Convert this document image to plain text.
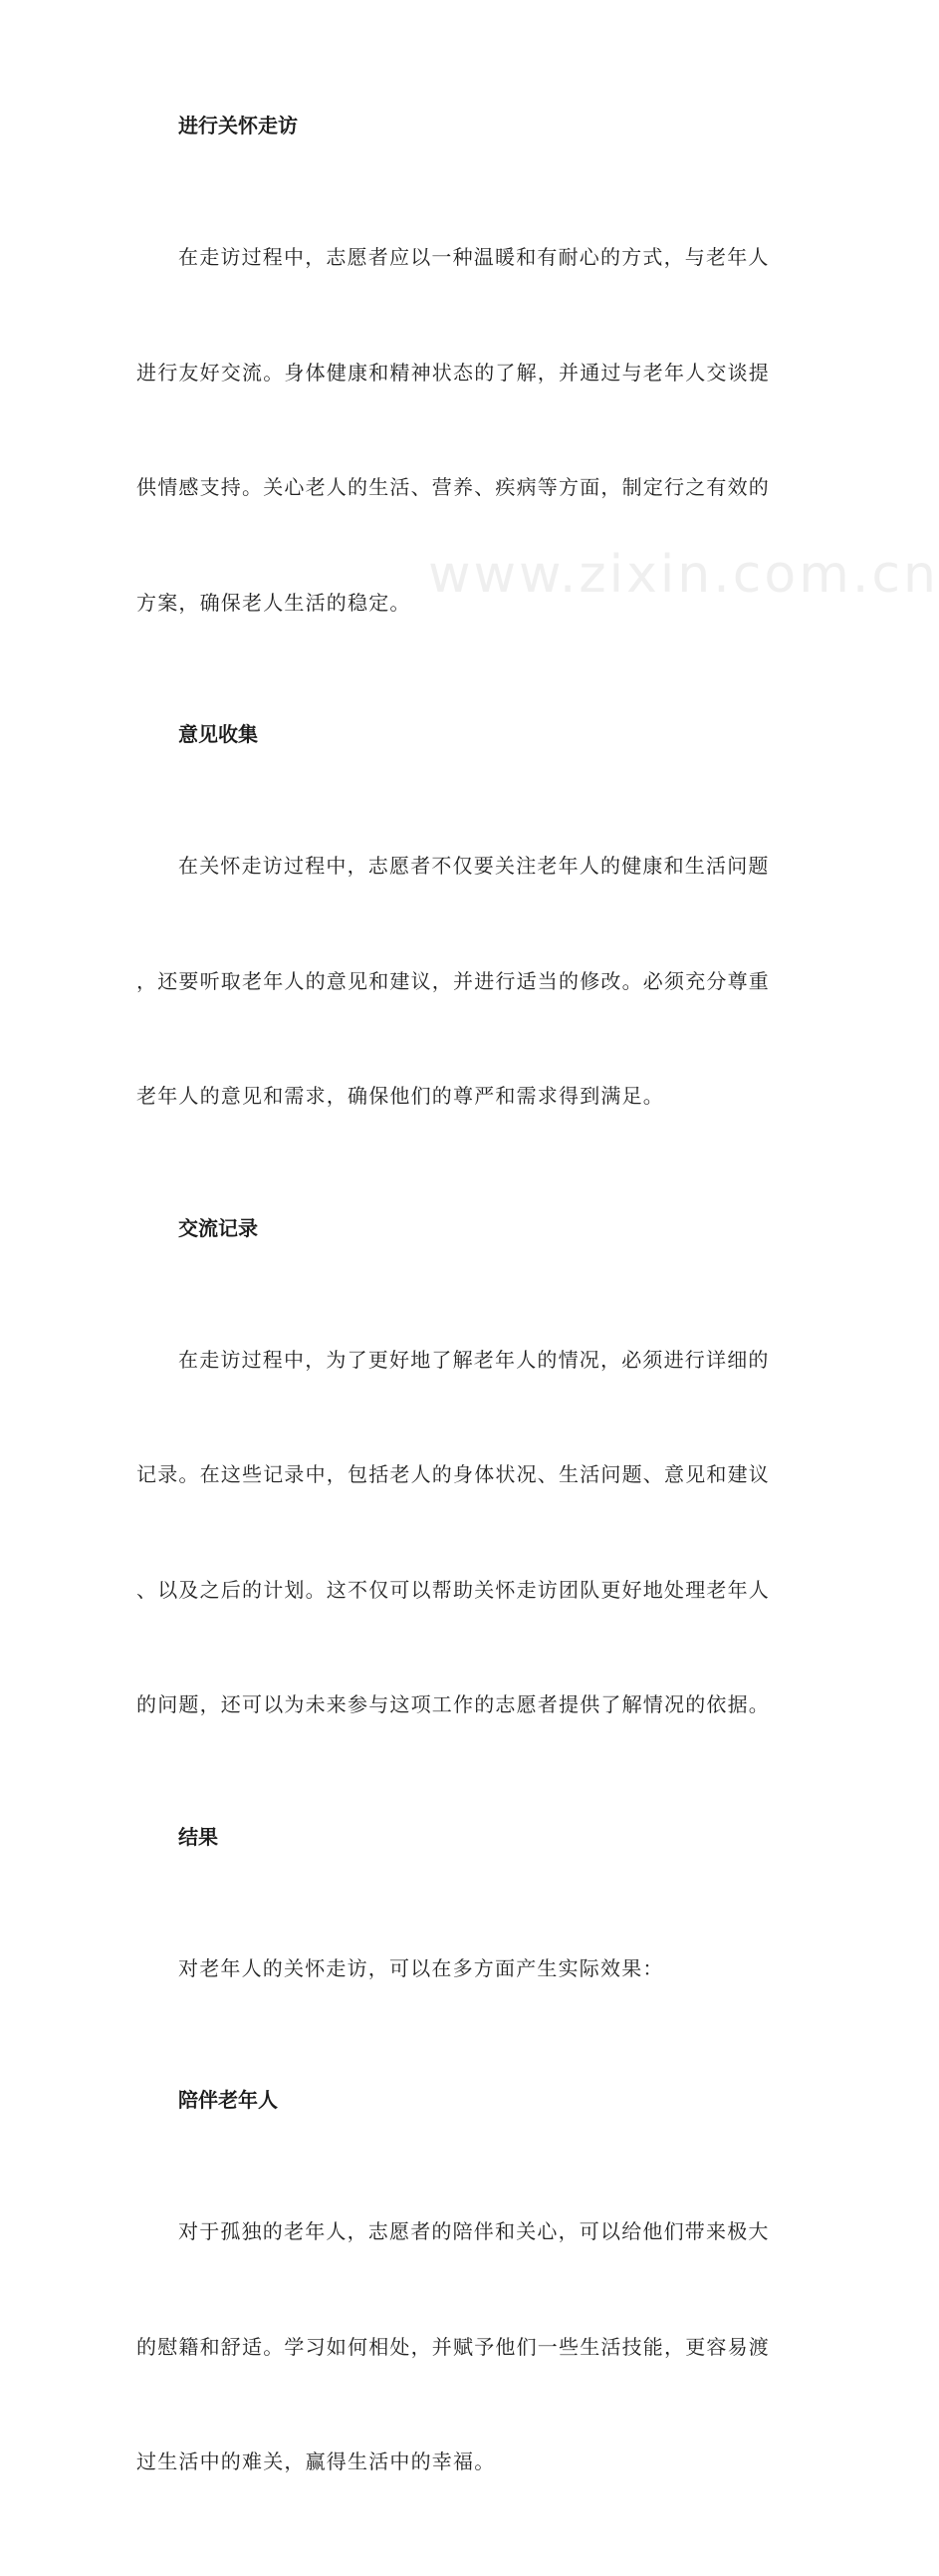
www.zixin.com.cn
进行关怀走访

在走访过程中，志愿者应以一种温暖和有耐心的方式，与老年人

进行友好交流。身体健康和精神状态的了解，并通过与老年人交谈提

供情感支持。关心老人的生活、营养、疾病等方面，制定行之有效的

方案，确保老人生活的稳定。

意见收集

在关怀走访过程中，志愿者不仅要关注老年人的健康和生活问题

，还要听取老年人的意见和建议，并进行适当的修改。必须充分尊重

老年人的意见和需求，确保他们的尊严和需求得到满足。

交流记录

在走访过程中，为了更好地了解老年人的情况，必须进行详细的

记录。在这些记录中，包括老人的身体状况、生活问题、意见和建议

、以及之后的计划。这不仅可以帮助关怀走访团队更好地处理老年人

的问题，还可以为未来参与这项工作的志愿者提供了解情况的依据。

结果

对老年人的关怀走访，可以在多方面产生实际效果：

陪伴老年人

对于孤独的老年人，志愿者的陪伴和关心，可以给他们带来极大

的慰籍和舒适。学习如何相处，并赋予他们一些生活技能，更容易渡

过生活中的难关，赢得生活中的幸福。
